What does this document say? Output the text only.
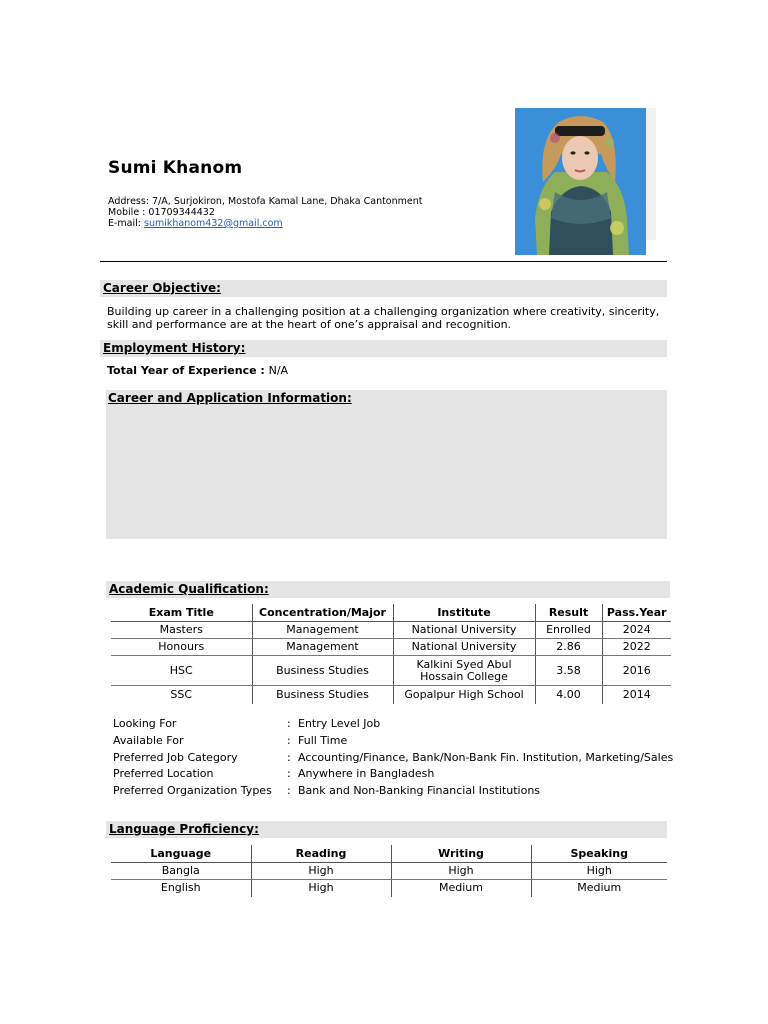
Sumi Khanom
Address: 7/A, Surjokiron, Mostofa Kamal Lane, Dhaka Cantonment
Mobile : 01709344432
E-mail: sumikhanom432@gmail.com
Career Objective:
Building up career in a challenging position at a challenging organization where creativity, sincerity,
skill and performance are at the heart of one’s appraisal and recognition.
Employment History:
Total Year of Experience : N/A
Career and Application Information:
Academic Qualification:
Exam Title	Concentration/Major	Institute	Result	Pass.Year
Masters	Management	National University	Enrolled	2024
Honours	Management	National University	2.86	2022
HSC	Business Studies	Kalkini Syed Abul Hossain College	3.58	2016
SSC	Business Studies	Gopalpur High School	4.00	2014
Looking For	: Entry Level Job
Available For	: Full Time
Preferred Job Category	: Accounting/Finance, Bank/Non-Bank Fin. Institution, Marketing/Sales
Preferred Location	: Anywhere in Bangladesh
Preferred Organization Types : Bank and Non-Banking Financial Institutions
Language Proficiency:
Language	Reading	Writing	Speaking
Bangla	High	High	High
English	High	Medium	Medium
